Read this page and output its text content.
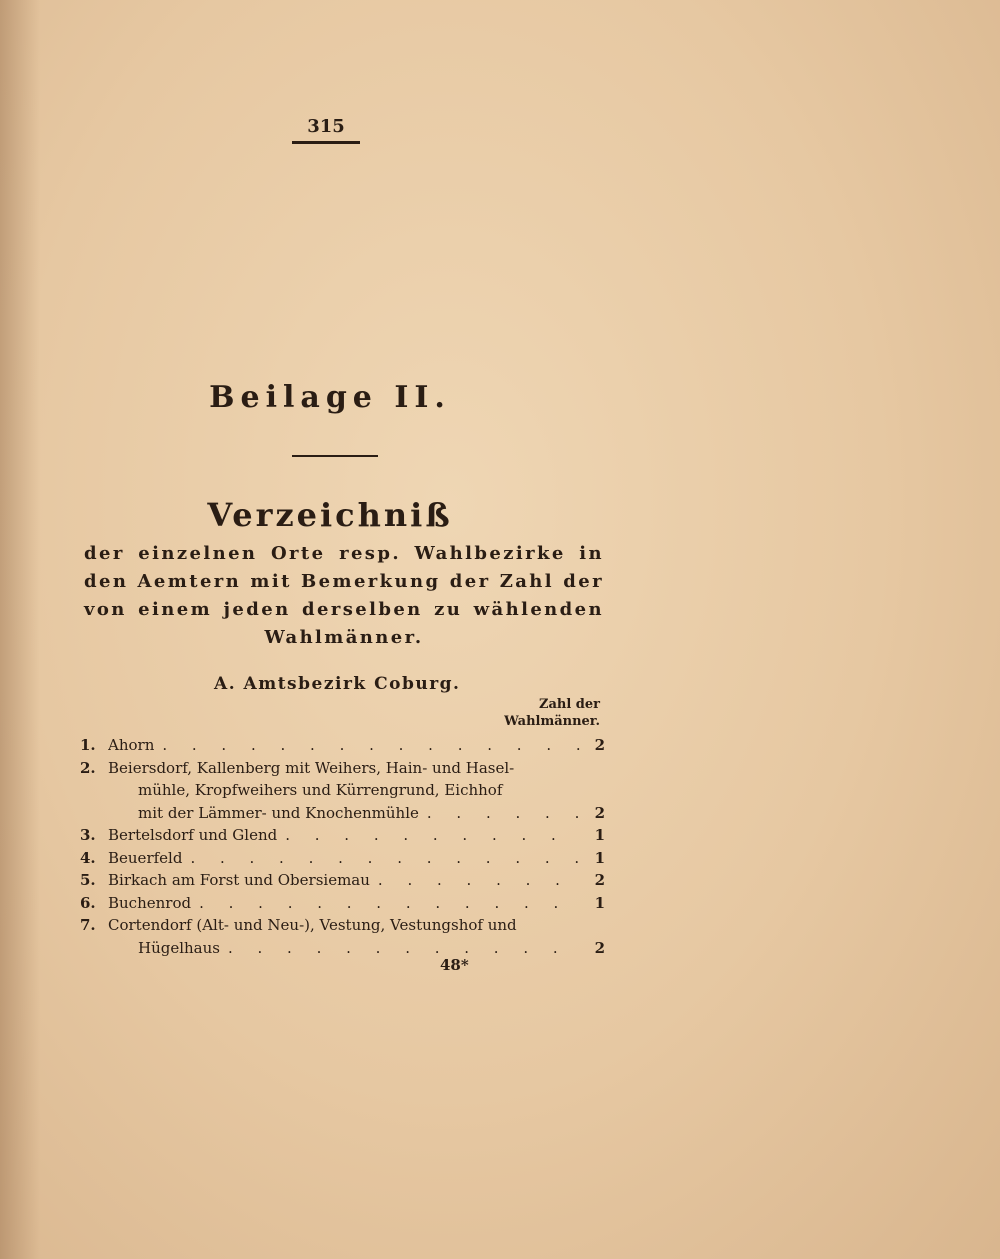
315
Beilage II.
Verzeichniß
der einzelnen Orte resp. Wahlbezirke in den Aemtern mit Bemerkung der Zahl der von einem jeden derselben zu wählenden Wahlmänner.
A. Amtsbezirk Coburg.
Zahl der
Wahlmänner.
1. Ahorn . . .	2
2. Beiersdorf, Kallenberg mit Weihers, Hain- und Hasel-
mühle, Kropfweihers und Kürrengrund, Eichhof
mit der Lämmer- und Knochenmühle . . .	2
3. Bertelsdorf und Glend . . .	1
4. Beuerfeld . . .	1
5. Birkach am Forst und Obersiemau . . .	2
6. Buchenrod . . .	1
7. Cortendorf (Alt- und Neu-), Vestung, Vestungshof und
Hügelhaus . . .	2
48*
